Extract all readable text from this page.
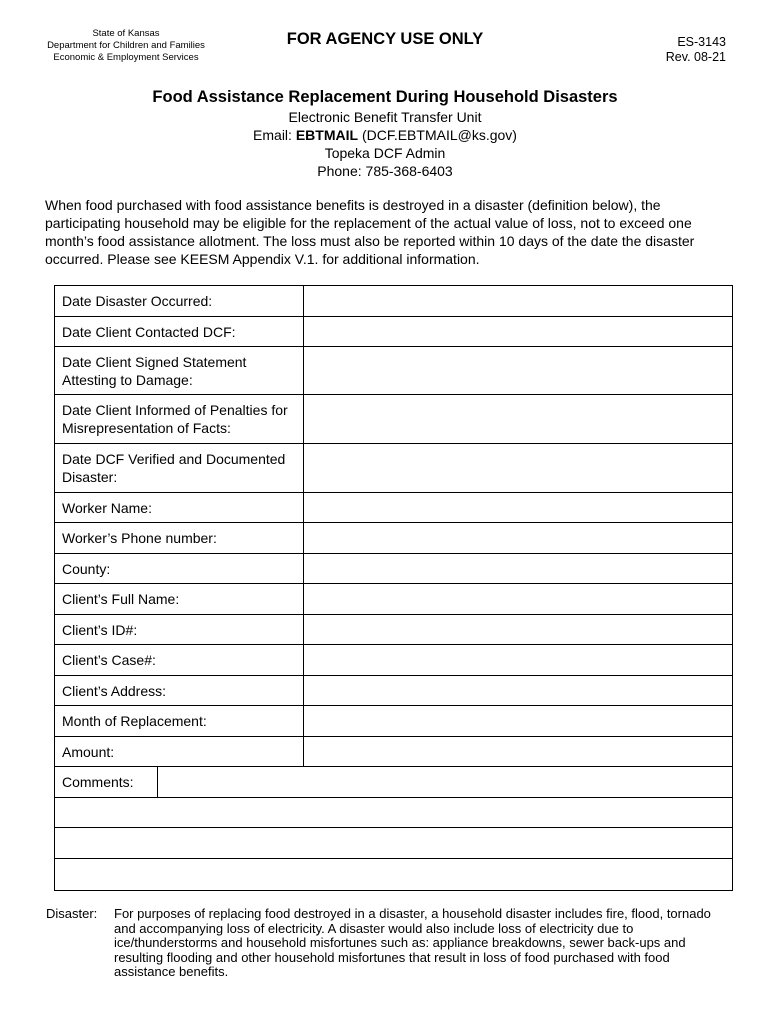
State of Kansas
Department for Children and Families
Economic & Employment Services
FOR AGENCY USE ONLY	ES-3143
Rev. 08-21
Food Assistance Replacement During Household Disasters
Electronic Benefit Transfer Unit
Email: EBTMAIL (DCF.EBTMAIL@ks.gov)
Topeka DCF Admin
Phone: 785-368-6403

When food purchased with food assistance benefits is destroyed in a disaster (definition below), the participating household may be eligible for the replacement of the actual value of loss, not to exceed one month’s food assistance allotment. The loss must also be reported within 10 days of the date the disaster occurred. Please see KEESM Appendix V.1. for additional information.

Date Disaster Occurred:
Date Client Contacted DCF:
Date Client Signed Statement Attesting to Damage:
Date Client Informed of Penalties for Misrepresentation of Facts:
Date DCF Verified and Documented Disaster:
Worker Name:
Worker’s Phone number:
County:
Client’s Full Name:
Client’s ID#:
Client’s Case#:
Client’s Address:
Month of Replacement:
Amount:
Comments:
Disaster: For purposes of replacing food destroyed in a disaster, a household disaster includes fire, flood, tornado and accompanying loss of electricity. A disaster would also include loss of electricity due to ice/thunderstorms and household misfortunes such as: appliance breakdowns, sewer back-ups and resulting flooding and other household misfortunes that result in loss of food purchased with food assistance benefits.
